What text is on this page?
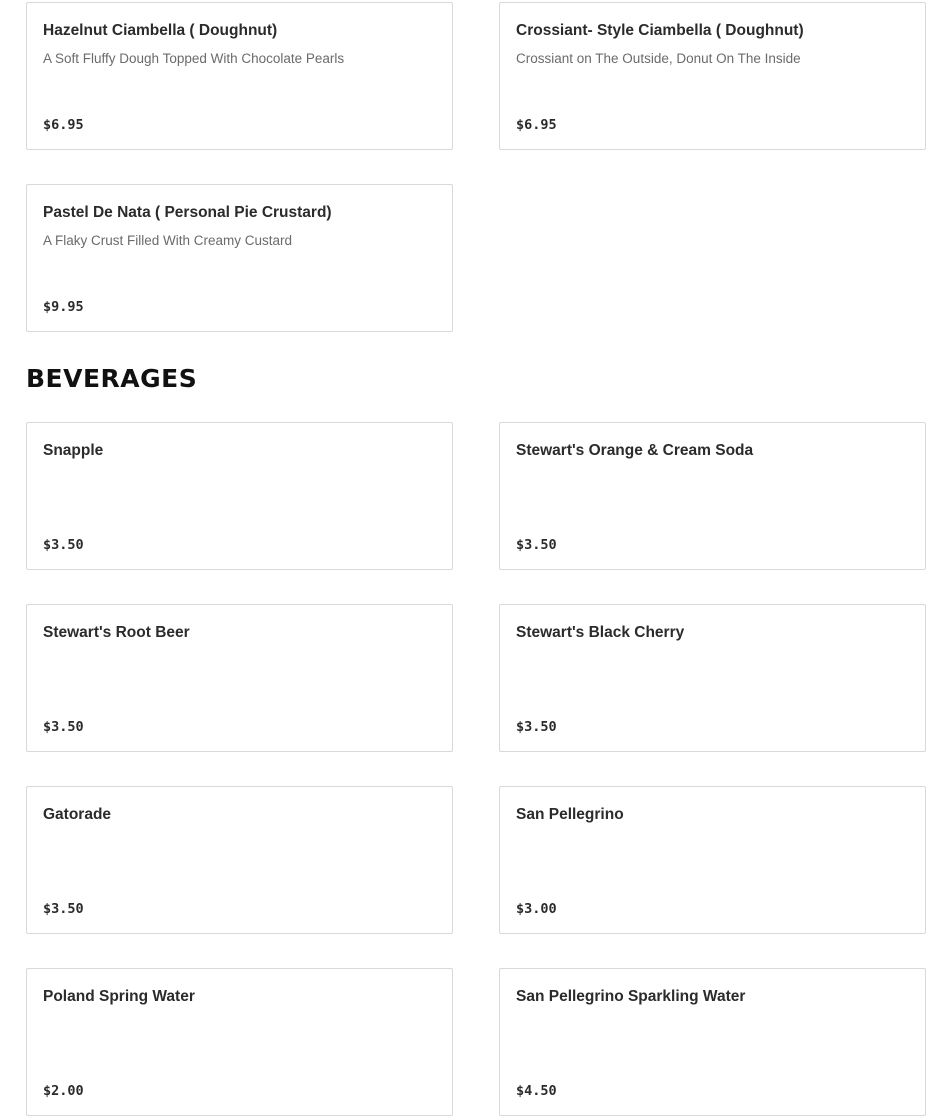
Hazelnut Ciambella ( Doughnut)
A Soft Fluffy Dough Topped With Chocolate Pearls
$6.95
Crossiant- Style Ciambella ( Doughnut)
Crossiant on The Outside, Donut On The Inside
$6.95
Pastel De Nata ( Personal Pie Crustard)
A Flaky Crust Filled With Creamy Custard
$9.95
BEVERAGES
Snapple
$3.50
Stewart's Orange & Cream Soda
$3.50
Stewart's Root Beer
$3.50
Stewart's Black Cherry
$3.50
Gatorade
$3.50
San Pellegrino
$3.00
Poland Spring Water
$2.00
San Pellegrino Sparkling Water
$4.50
